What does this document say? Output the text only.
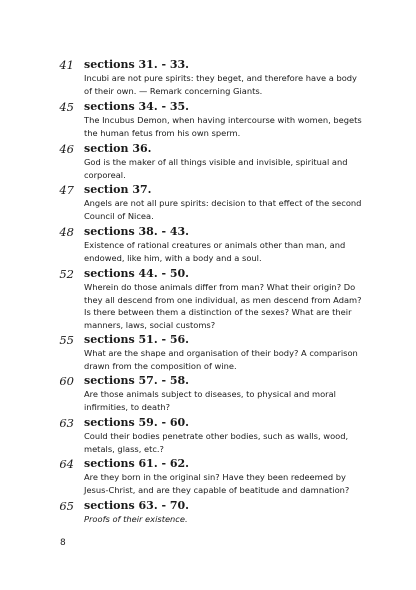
41 sections 31. - 33.
Incubi are not pure spirits: they beget, and therefore have a body of their own. — Remark concerning Giants.
45 sections 34. - 35.
The Incubus Demon, when having intercourse with women, begets the human fetus from his own sperm.
46 section 36.
God is the maker of all things visible and invisible, spiritual and corporeal.
47 section 37.
Angels are not all pure spirits: decision to that effect of the second Council of Nicea.
48 sections 38. - 43.
Existence of rational creatures or animals other than man, and endowed, like him, with a body and a soul.
52 sections 44. - 50.
Wherein do those animals differ from man? What their origin? Do they all descend from one individual, as men descend from Adam? Is there between them a distinction of the sexes? What are their manners, laws, social customs?
55 sections 51. - 56.
What are the shape and organisation of their body? A comparison drawn from the composition of wine.
60 sections 57. - 58.
Are those animals subject to diseases, to physical and moral infirmities, to death?
63 sections 59. - 60.
Could their bodies penetrate other bodies, such as walls, wood, metals, glass, etc.?
64 sections 61. - 62.
Are they born in the original sin? Have they been redeemed by Jesus-Christ, and are they capable of beatitude and damnation?
65 sections 63. - 70.
Proofs of their existence.
8
